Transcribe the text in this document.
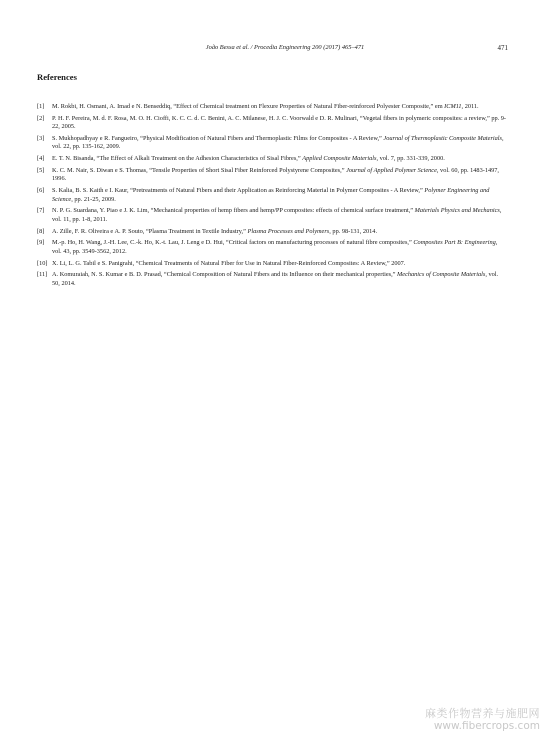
João Bessa et al. / Procedia Engineering 200 (2017) 465–471	471
References
[1]	M. Rokbi, H. Osmani, A. Imad e N. Benseddiq, “Effect of Chemical treatment on Flexure Properties of Natural Fiber-reinforced Polyester Composite,” em ICM11, 2011.
[2]	P. H. F. Pereira, M. d. F. Rosa, M. O. H. Cioffi, K. C. C. d. C. Benini, A. C. Milanese, H. J. C. Voorwald e D. R. Mulinari, “Vegetal fibers in polymeric composites: a review,” pp. 9-22, 2005.
[3]	S. Mukhopadhyay e R. Fangueiro, “Physical Modification of Natural Fibers and Thermoplastic Films for Composites - A Review,” Journal of Thermoplastic Composite Materials, vol. 22, pp. 135-162, 2009.
[4]	E. T. N. Bisanda, “The Effect of Alkali Treatment on the Adhesion Characteristics of Sisal Fibres,” Applied Composite Materials, vol. 7, pp. 331-339, 2000.
[5]	K. C. M. Nair, S. Diwan e S. Thomas, “Tensile Properties of Short Sisal Fiber Reinforced Polystyrene Composites,” Journal of Applied Polymer Science, vol. 60, pp. 1483-1497, 1996.
[6]	S. Kalia, B. S. Kaith e I. Kaur, “Pretreatments of Natural Fibers and their Application as Reinforcing Material in Polymer Composites - A Review,” Polymer Engineering and Science, pp. 21-25, 2009.
[7]	N. P. G. Suardana, Y. Piao e J. K. Lim, “Mechanical properties of hemp fibers and hemp/PP composites: effects of chemical surface treatment,” Materials Physics and Mechanics, vol. 11, pp. 1-8, 2011.
[8]	A. Zille, F. R. Oliveira e A. P. Souto, “Plasma Treatment in Textile Industry,” Plasma Processes and Polymers, pp. 98-131, 2014.
[9]	M.-p. Ho, H. Wang, J.-H. Lee, C.-k. Ho, K.-t. Lau, J. Leng e D. Hui, “Critical factors on manufacturing processes of natural fibre composites,” Composites Part B: Engineering, vol. 43, pp. 3549-3562, 2012.
[10] X. Li, L. G. Tabil e S. Panigrahi, “Chemical Treatments of Natural Fiber for Use in Natural Fiber-Reinforced Composites: A Review,” 2007.
[11] A. Komuraiah, N. S. Kumar e B. D. Prasad, “Chemical Composition of Natural Fibers and its Influence on their mechanical properties,” Mechanics of Composite Materials, vol. 50, 2014.
麻类作物营养与施肥网
www.fibercrops.com
